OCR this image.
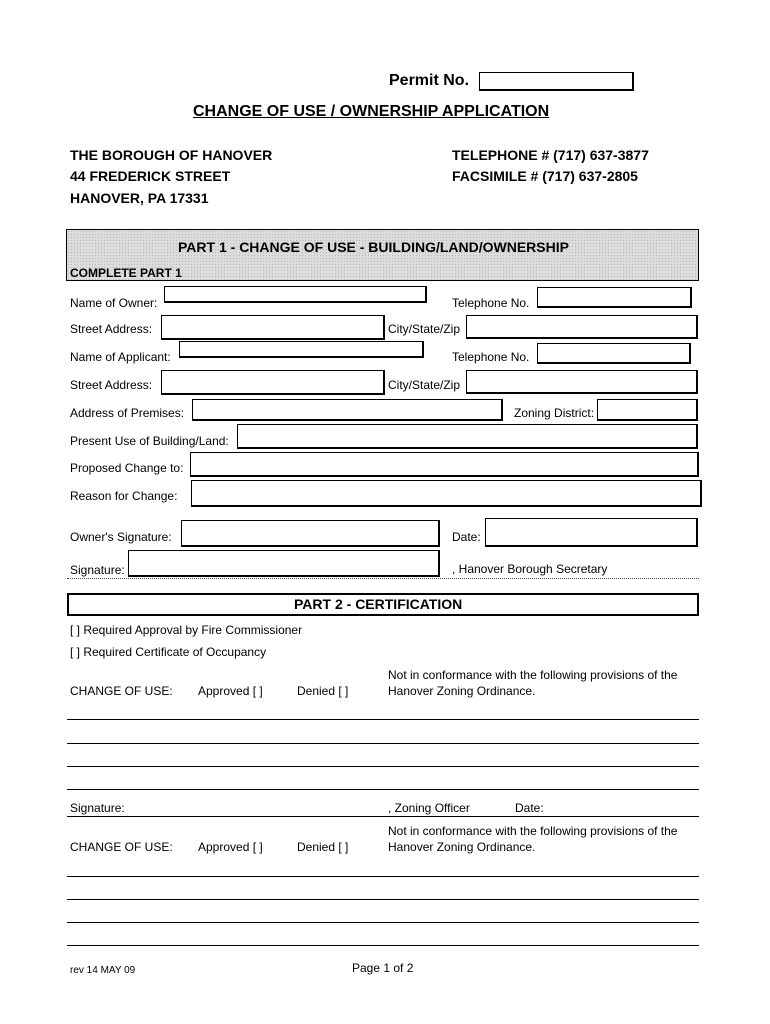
Permit No.
CHANGE OF USE / OWNERSHIP APPLICATION
THE BOROUGH OF HANOVER
44 FREDERICK STREET
HANOVER, PA 17331
TELEPHONE # (717) 637-3877
FACSIMILE # (717) 637-2805
PART 1 - CHANGE OF USE - BUILDING/LAND/OWNERSHIP
COMPLETE PART 1
Name of Owner:	Telephone No.
Street Address:	City/State/Zip
Name of Applicant:	Telephone No.
Street Address:	City/State/Zip
Address of Premises:	Zoning District:
Present Use of Building/Land:
Proposed Change to:
Reason for Change:
Owner's Signature:	Date:
Signature:	, Hanover Borough Secretary
PART 2 - CERTIFICATION
[ ] Required Approval by Fire Commissioner
[ ] Required Certificate of Occupancy
Not in conformance with the following provisions of the
Hanover Zoning Ordinance.
CHANGE OF USE: Approved [ ]	Denied [ ]
Signature:	, Zoning Officer	Date:
Not in conformance with the following provisions of the
Hanover Zoning Ordinance.
CHANGE OF USE: Approved [ ]	Denied [ ]
rev 14 MAY 09	Page 1 of 2
